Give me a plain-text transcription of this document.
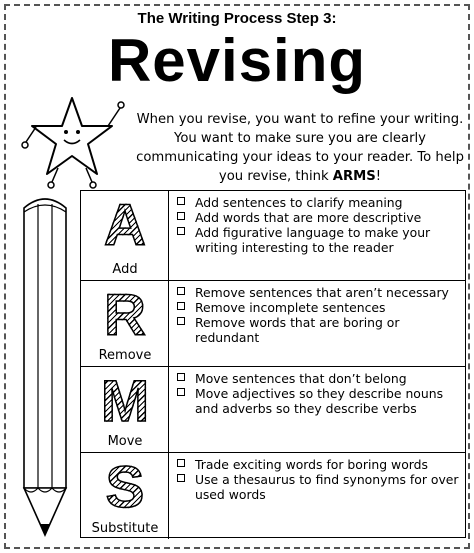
The Writing Process Step 3:
Revising
When you revise, you want to refine your writing. You want to make sure you are clearly communicating your ideas to your reader. To help you revise, think ARMS!
A
Add
Add sentences to clarify meaning
Add words that are more descriptive
Add figurative language to make your writing interesting to the reader
R
Remove
Remove sentences that aren’t necessary
Remove incomplete sentences
Remove words that are boring or redundant
M
Move
Move sentences that don’t belong
Move adjectives so they describe nouns and adverbs so they describe verbs
S
Substitute
Trade exciting words for boring words
Use a thesaurus to find synonyms for over used words
